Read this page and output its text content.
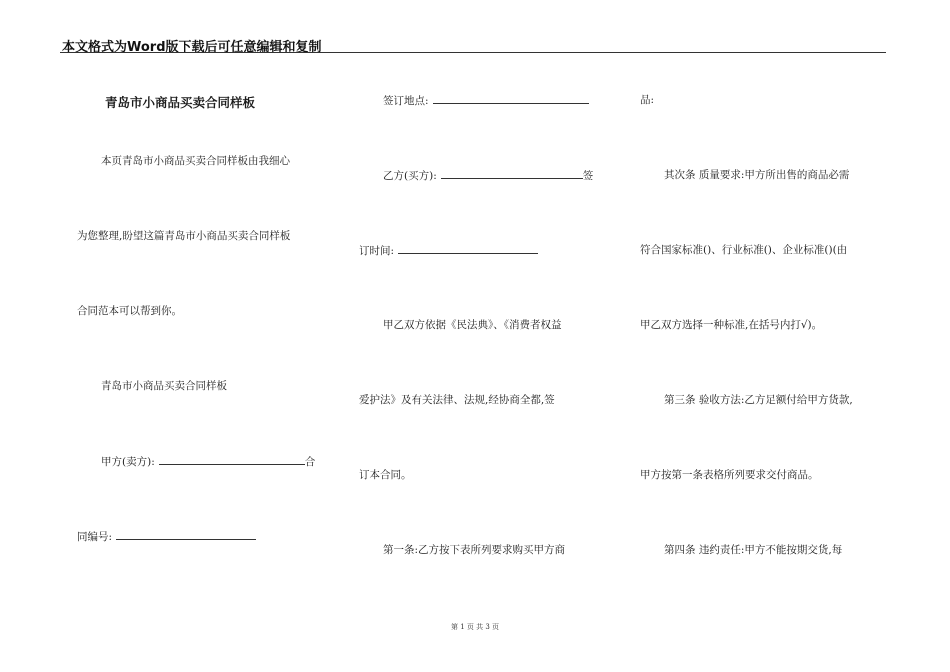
本文格式为Word版下载后可任意编辑和复制
青岛市小商品买卖合同样板
本页青岛市小商品买卖合同样板由我细心
为您整理,盼望这篇青岛市小商品买卖合同样板
合同范本可以帮到你。
青岛市小商品买卖合同样板
甲方(卖方):	合
同编号:
签订地点:
乙方(买方):	签
订时间:
甲乙双方依据《民法典》、《消费者权益
爱护法》及有关法律、法规,经协商全都,签
订本合同。
第一条:乙方按下表所列要求购买甲方商
品:
其次条 质量要求:甲方所出售的商品必需
符合国家标准()、行业标准()、企业标准()(由
甲乙双方选择一种标准,在括号内打√)。
第三条 验收方法:乙方足额付给甲方货款,
甲方按第一条表格所列要求交付商品。
第四条 违约责任:甲方不能按期交货,每
第 1 页 共 3 页
